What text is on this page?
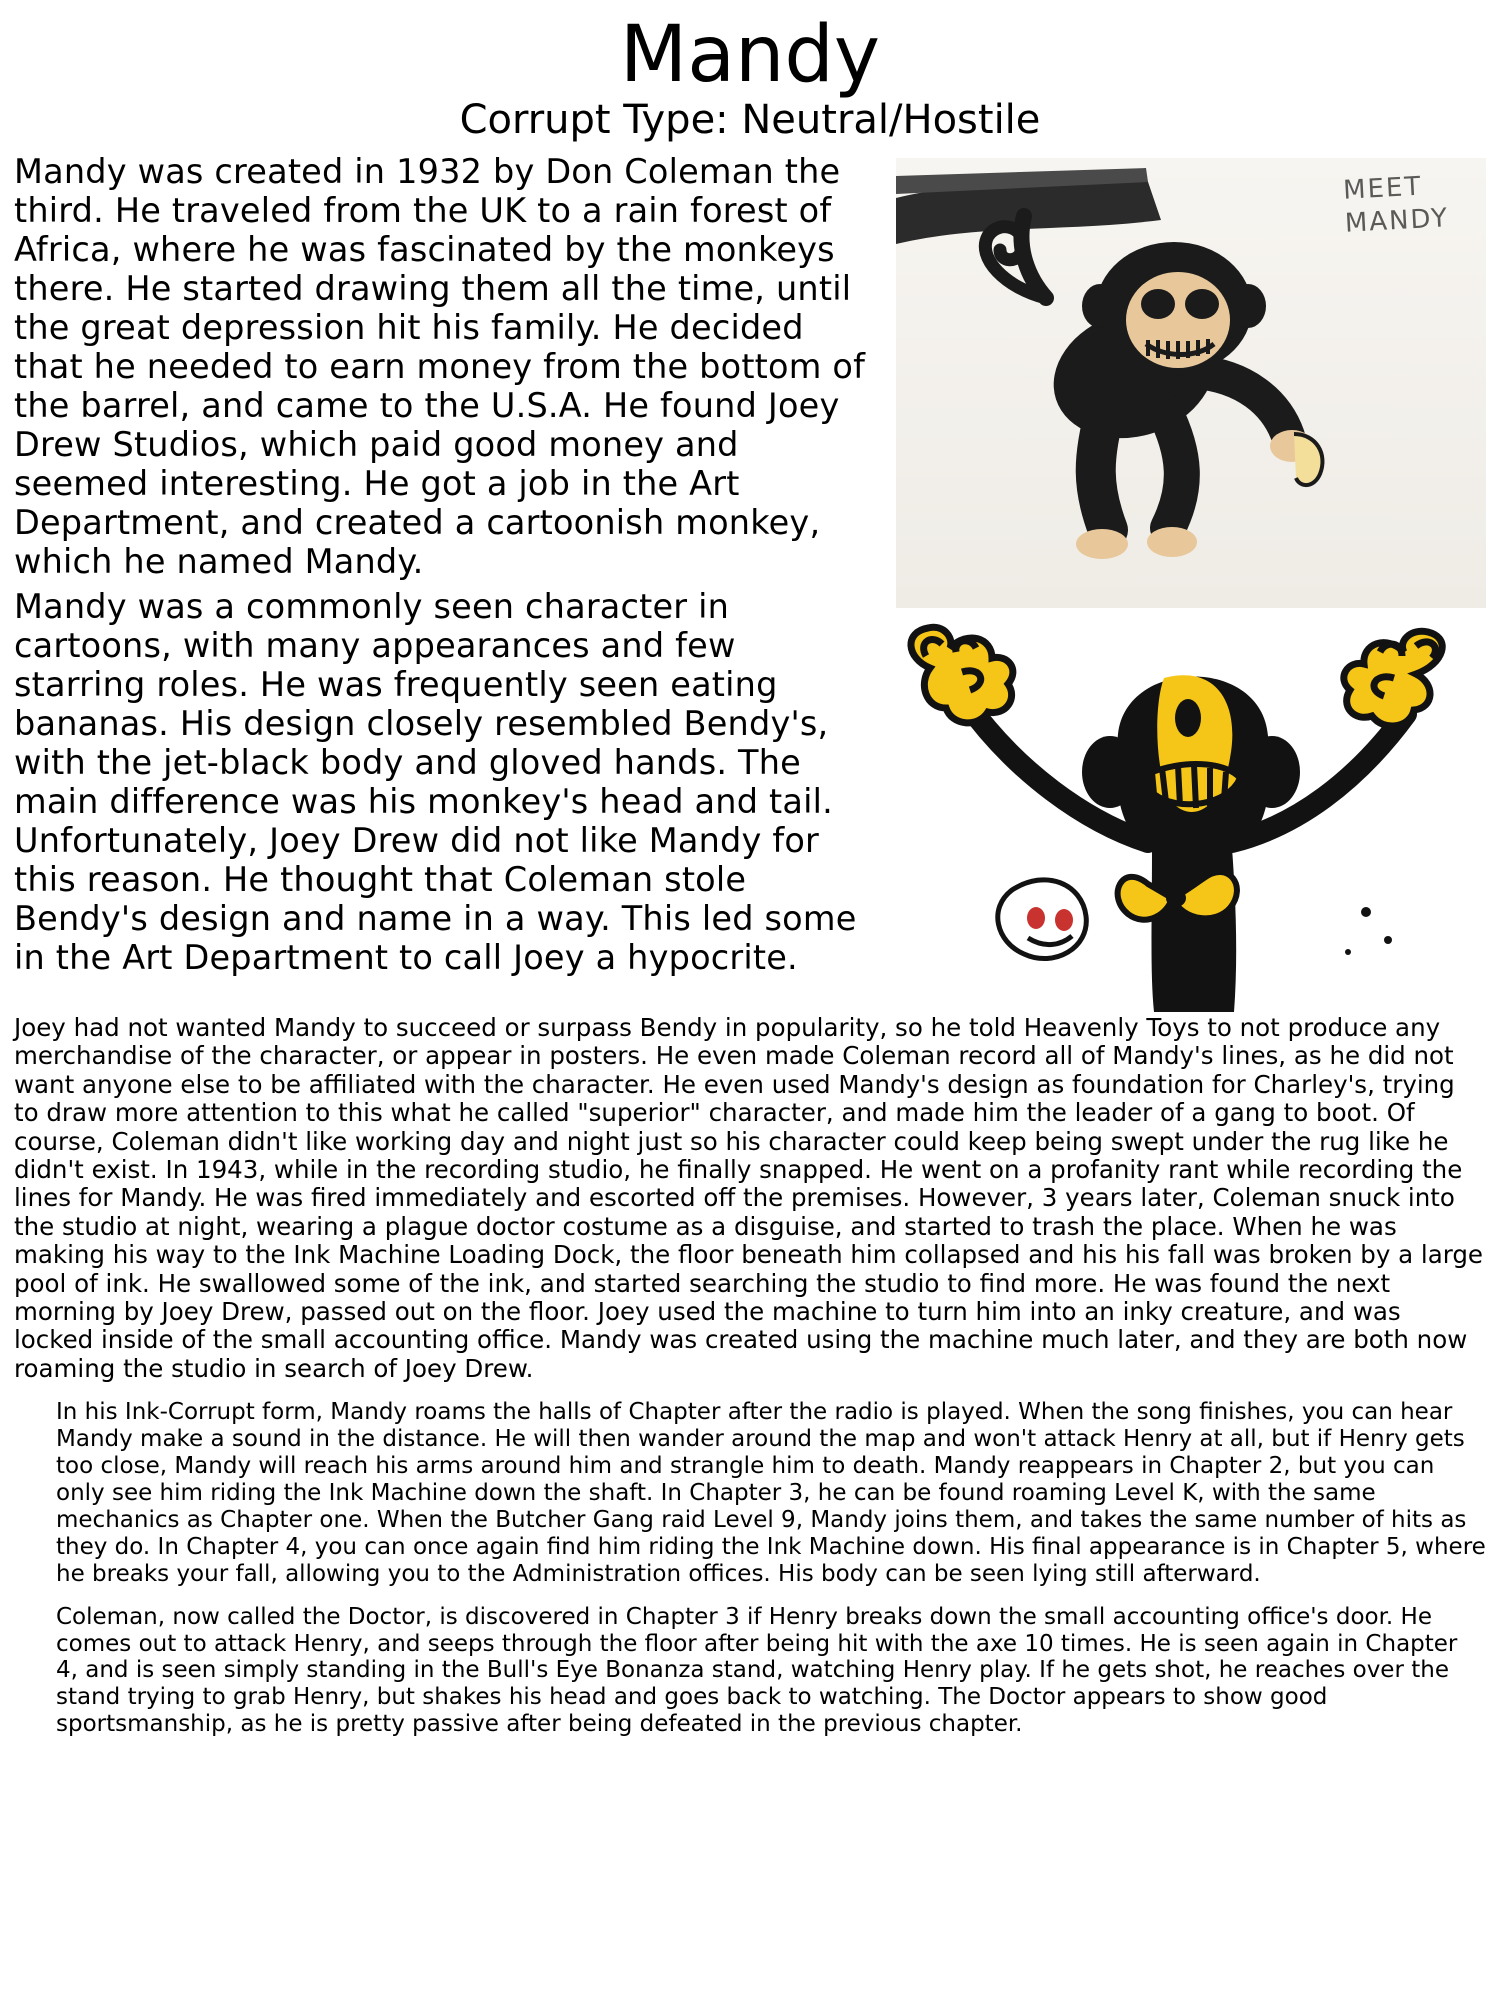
Mandy
Corrupt Type: Neutral/Hostile
MEET
MANDY

Mandy was created in 1932 by Don Coleman the third. He traveled from the UK to a rain forest of Africa, where he was fascinated by the monkeys there. He started drawing them all the time, until the great depression hit his family. He decided that he needed to earn money from the bottom of the barrel, and came to the U.S.A. He found Joey Drew Studios, which paid good money and seemed interesting. He got a job in the Art Department, and created a cartoonish monkey, which he named Mandy.

Mandy was a commonly seen character in cartoons, with many appearances and few starring roles. He was frequently seen eating bananas. His design closely resembled Bendy's, with the jet-black body and gloved hands. The main difference was his monkey's head and tail. Unfortunately, Joey Drew did not like Mandy for this reason. He thought that Coleman stole Bendy's design and name in a way. This led some in the Art Department to call Joey a hypocrite.

Joey had not wanted Mandy to succeed or surpass Bendy in popularity, so he told Heavenly Toys to not produce any merchandise of the character, or appear in posters. He even made Coleman record all of Mandy's lines, as he did not want anyone else to be affiliated with the character. He even used Mandy's design as foundation for Charley's, trying to draw more attention to this what he called "superior" character, and made him the leader of a gang to boot. Of course, Coleman didn't like working day and night just so his character could keep being swept under the rug like he didn't exist. In 1943, while in the recording studio, he finally snapped. He went on a profanity rant while recording the lines for Mandy. He was fired immediately and escorted off the premises. However, 3 years later, Coleman snuck into the studio at night, wearing a plague doctor costume as a disguise, and started to trash the place. When he was making his way to the Ink Machine Loading Dock, the floor beneath him collapsed and his his fall was broken by a large pool of ink. He swallowed some of the ink, and started searching the studio to find more. He was found the next morning by Joey Drew, passed out on the floor. Joey used the machine to turn him into an inky creature, and was locked inside of the small accounting office. Mandy was created using the machine much later, and they are both now roaming the studio in search of Joey Drew.

In his Ink-Corrupt form, Mandy roams the halls of Chapter after the radio is played. When the song finishes, you can hear Mandy make a sound in the distance. He will then wander around the map and won't attack Henry at all, but if Henry gets too close, Mandy will reach his arms around him and strangle him to death. Mandy reappears in Chapter 2, but you can only see him riding the Ink Machine down the shaft. In Chapter 3, he can be found roaming Level K, with the same mechanics as Chapter one. When the Butcher Gang raid Level 9, Mandy joins them, and takes the same number of hits as they do. In Chapter 4, you can once again find him riding the Ink Machine down. His final appearance is in Chapter 5, where he breaks your fall, allowing you to the Administration offices. His body can be seen lying still afterward.

Coleman, now called the Doctor, is discovered in Chapter 3 if Henry breaks down the small accounting office's door. He comes out to attack Henry, and seeps through the floor after being hit with the axe 10 times. He is seen again in Chapter 4, and is seen simply standing in the Bull's Eye Bonanza stand, watching Henry play. If he gets shot, he reaches over the stand trying to grab Henry, but shakes his head and goes back to watching. The Doctor appears to show good sportsmanship, as he is pretty passive after being defeated in the previous chapter.
